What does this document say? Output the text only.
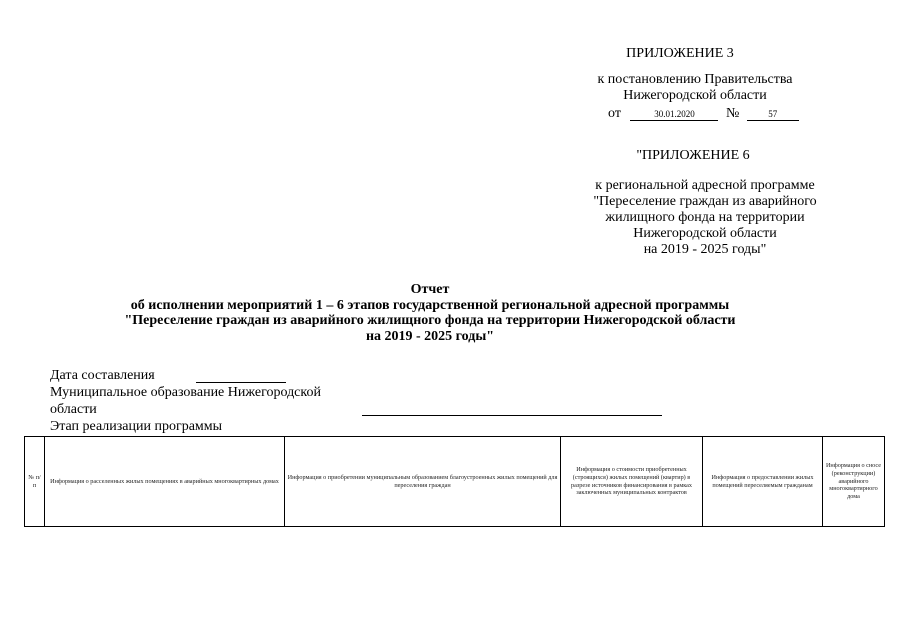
ПРИЛОЖЕНИЕ 3
к постановлению Правительства
Нижегородской области
от	30.01.2020 №	57
"ПРИЛОЖЕНИЕ 6
к региональной адресной программе
"Переселение граждан из аварийного
жилищного фонда на территории
Нижегородской области
на 2019 - 2025 годы"
Отчет
об исполнении мероприятий 1 – 6 этапов государственной региональной адресной программы
"Переселение граждан из аварийного жилищного фонда на территории Нижегородской области
на 2019 - 2025 годы"
Дата составления
Муниципальное образование Нижегородской
области
Этап реализации программы
№ п/п	Информация о расселенных жилых помещениях в аварийных многоквартирных домах	Информация о приобретении муниципальным образованием благоустроенных жилых помещений для переселения граждан	Информация о стоимости приобретенных (строящихся) жилых помещений (квартир) в разрезе источников финансирования в рамках заключенных муниципальных контрактов	Информация о предоставлении жилых помещений переселяемым гражданам	Информация о сносе (реконструкции) аварийного многоквартирного дома
